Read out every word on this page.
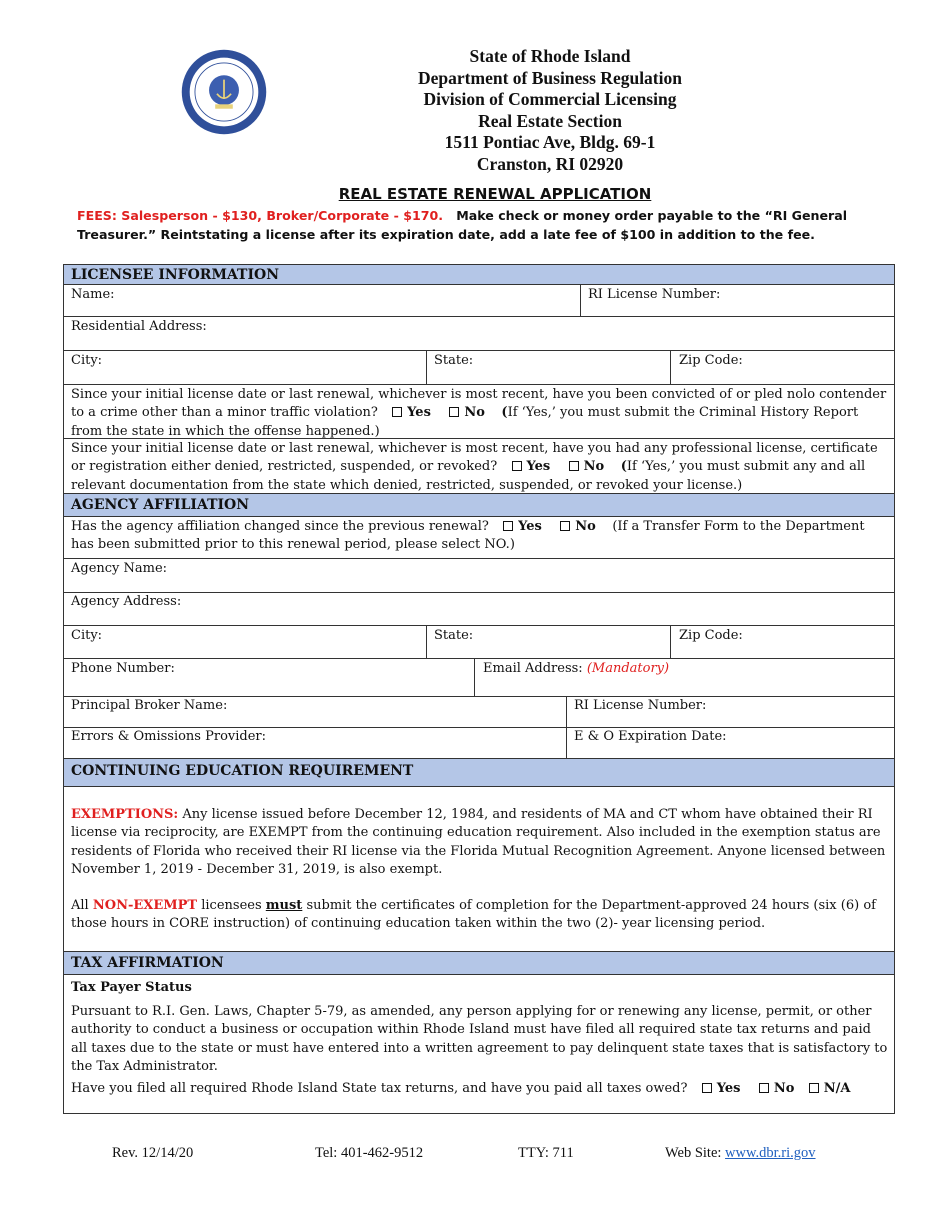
State of Rhode Island
Department of Business Regulation
Division of Commercial Licensing
Real Estate Section
1511 Pontiac Ave, Bldg. 69-1
Cranston, RI 02920
REAL ESTATE RENEWAL APPLICATION
FEES: Salesperson - $130, Broker/Corporate - $170. Make check or money order payable to the “RI General
Treasurer.” Reintstating a license after its expiration date, add a late fee of $100 in addition to the fee.
LICENSEE INFORMATION
Name:	RI License Number:
Residential Address:
City:	State:	Zip Code:
Since your initial license date or last renewal, whichever is most recent, have you been convicted of or pled nolo contender to a crime other than a minor traffic violation? Yes	No (If ‘Yes,’ you must submit the Criminal History Report from the state in which the offense happened.)
Since your initial license date or last renewal, whichever is most recent, have you had any professional license, certificate or registration either denied, restricted, suspended, or revoked? Yes	No (If ‘Yes,’ you must submit any and all relevant documentation from the state which denied, restricted, suspended, or revoked your license.)
AGENCY AFFILIATION
Has the agency affiliation changed since the previous renewal? Yes	No (If a Transfer Form to the Department has been submitted prior to this renewal period, please select NO.)
Agency Name:
Agency Address:
City:	State:	Zip Code:
Phone Number:	Email Address: (Mandatory)
Principal Broker Name:	RI License Number:
Errors & Omissions Provider:	E & O Expiration Date:
CONTINUING EDUCATION REQUIREMENT
EXEMPTIONS: Any license issued before December 12, 1984, and residents of MA and CT whom have obtained their RI license via reciprocity, are EXEMPT from the continuing education requirement. Also included in the exemption status are residents of Florida who received their RI license via the Florida Mutual Recognition Agreement. Anyone licensed between November 1, 2019 - December 31, 2019, is also exempt.
All NON-EXEMPT licensees must submit the certificates of completion for the Department-approved 24 hours (six (6) of those hours in CORE instruction) of continuing education taken within the two (2)- year licensing period.
TAX AFFIRMATION
Tax Payer Status
Pursuant to R.I. Gen. Laws, Chapter 5-79, as amended, any person applying for or renewing any license, permit, or other authority to conduct a business or occupation within Rhode Island must have filed all required state tax returns and paid all taxes due to the state or must have entered into a written agreement to pay delinquent state taxes that is satisfactory to the Tax Administrator.
Have you filed all required Rhode Island State tax returns, and have you paid all taxes owed? Yes	No N/A
Rev. 12/14/20	Tel: 401-462-9512	TTY: 711	Web Site: www.dbr.ri.gov
